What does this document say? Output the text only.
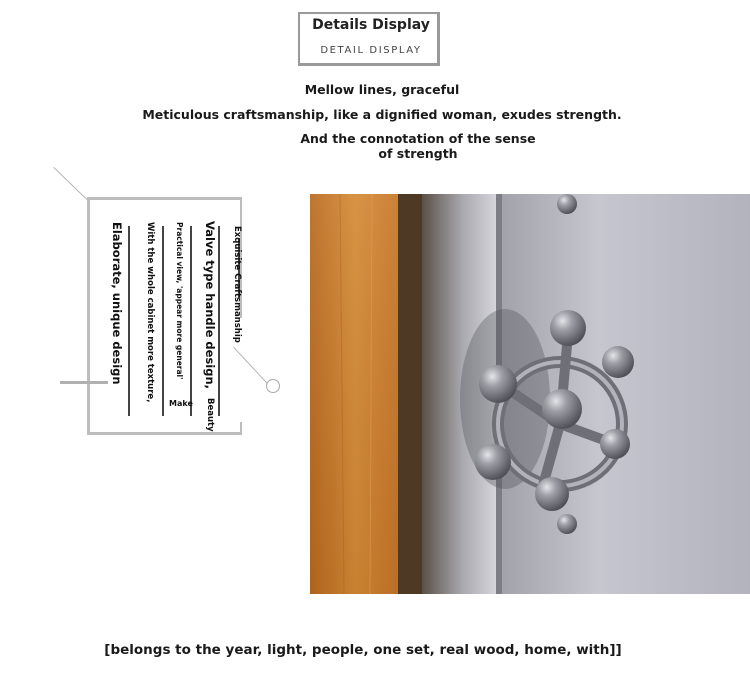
Details Display
DETAIL DISPLAY
Mellow lines, graceful
Meticulous craftsmanship, like a dignified woman, exudes strength.
And the connotation of the sense of strength
Exquisite Craftsmanship
Valve type handle design,
Beauty
Practical view, 'appear more general'
Make
With the whole cabinet more texture,
Elaborate, unique design
[belongs to the year, light, people, one set, real wood, home, with]]
